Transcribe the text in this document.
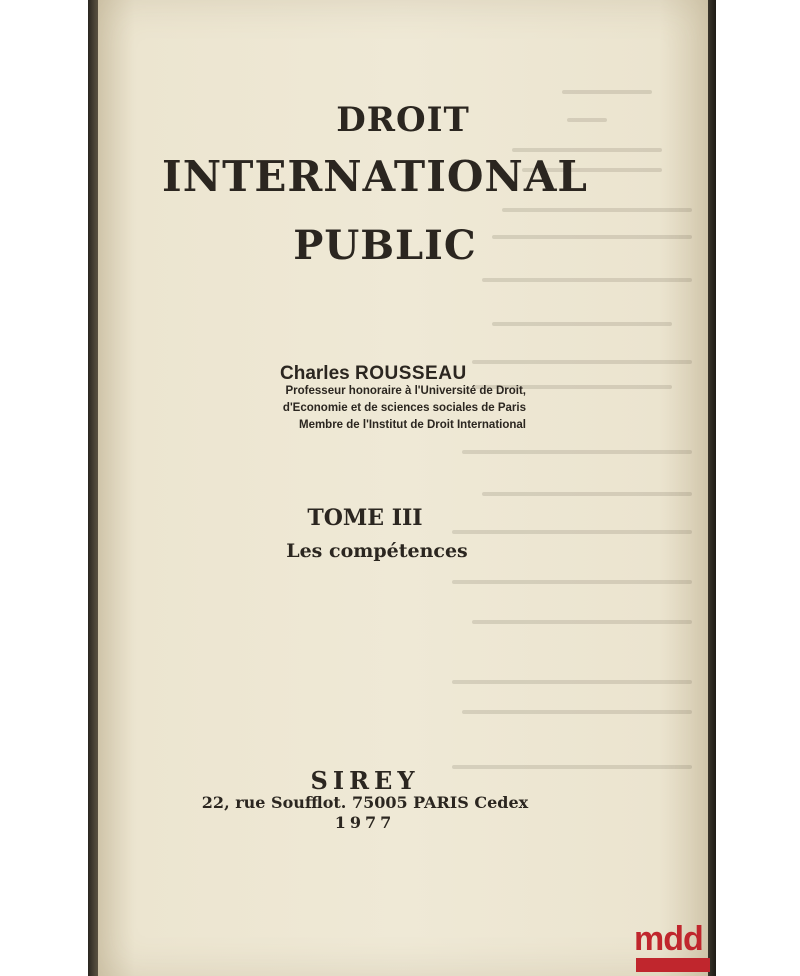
DROIT

INTERNATIONAL

PUBLIC

Charles ROUSSEAU

Professeur honoraire à l'Université de Droit,

d'Economie et de sciences sociales de Paris

Membre de l'Institut de Droit International

TOME III

Les compétences

SIREY

22, rue Soufflot. 75005 PARIS Cedex

1977

mdd
